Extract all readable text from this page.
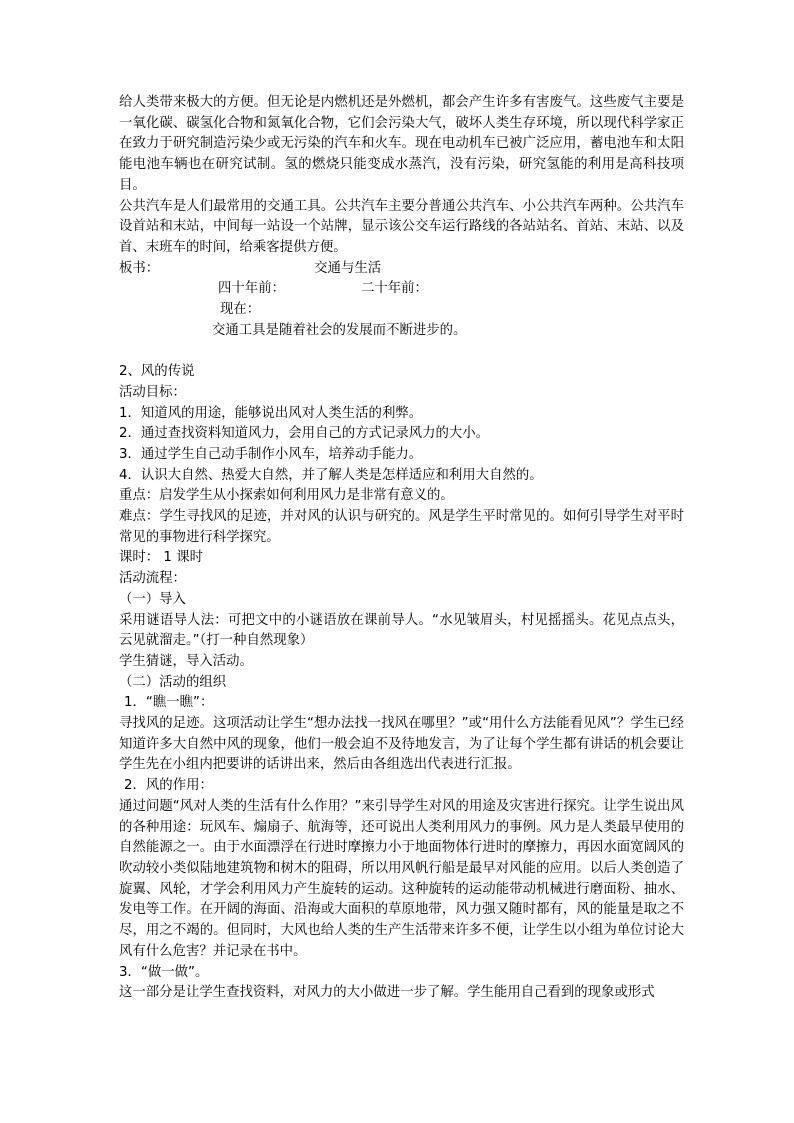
给人类带来极大的方便。但无论是内燃机还是外燃机，都会产生许多有害废气。这些废气主要是一氧化碳、碳氢化合物和氮氧化合物，它们会污染大气，破坏人类生存环境，所以现代科学家正在致力于研究制造污染少或无污染的汽车和火车。现在电动机车已被广泛应用，蓄电池车和太阳能电池车辆也在研究试制。氢的燃烧只能变成水蒸汽，没有污染，研究氢能的利用是高科技项目。

公共汽车是人们最常用的交通工具。公共汽车主要分普通公共汽车、小公共汽车两种。公共汽车设首站和末站，中间每一站设一个站牌，显示该公交车运行路线的各站站名、首站、末站、以及首、末班车的时间，给乘客提供方便。

板书：	交通与生活
四十年前：	二十年前：
现在：
交通工具是随着社会的发展而不断进步的。

2、风的传说

活动目标：

1．知道风的用途，能够说出风对人类生活的利弊。

2．通过查找资料知道风力，会用自己的方式记录风力的大小。

3．通过学生自己动手制作小风车，培养动手能力。

4．认识大自然、热爱大自然，并了解人类是怎样适应和利用大自然的。

重点：启发学生从小探索如何利用风力是非常有意义的。

难点：学生寻找风的足迹，并对风的认识与研究的。风是学生平时常见的。如何引导学生对平时常见的事物进行科学探究。

课时： 1 课时

活动流程：

（一）导入

采用谜语导人法：可把文中的小谜语放在课前导人。“水见皱眉头，村见摇摇头。花见点点头，云见就溜走。”（打一种自然现象）

学生猜谜，导入活动。

（二）活动的组织

1．“瞧一瞧”：

寻找风的足迹。这项活动让学生“想办法找一找风在哪里？”或“用什么方法能看见风”？学生已经知道许多大自然中风的现象，他们一般会迫不及待地发言，为了让每个学生都有讲话的机会要让学生先在小组内把要讲的话讲出来，然后由各组选出代表进行汇报。

2．风的作用：

通过问题“风对人类的生活有什么作用？”来引导学生对风的用途及灾害进行探究。让学生说出风的各种用途：玩风车、煽扇子、航海等，还可说出人类利用风力的事例。风力是人类最早使用的自然能源之一。由于水面漂浮在行进时摩擦力小于地面物体行进时的摩擦力，再因水面宽阔风的吹动较小类似陆地建筑物和树木的阻碍，所以用风帆行船是最早对风能的应用。以后人类创造了旋翼、风轮，才学会利用风力产生旋转的运动。这种旋转的运动能带动机械进行磨面粉、抽水、发电等工作。在开阔的海面、沿海或大面积的草原地带，风力强又随时都有，风的能量是取之不尽，用之不竭的。但同时，大风也给人类的生产生活带来许多不便，让学生以小组为单位讨论大风有什么危害？并记录在书中。

3．“做一做”。

这一部分是让学生查找资料，对风力的大小做进一步了解。学生能用自己看到的现象或形式
